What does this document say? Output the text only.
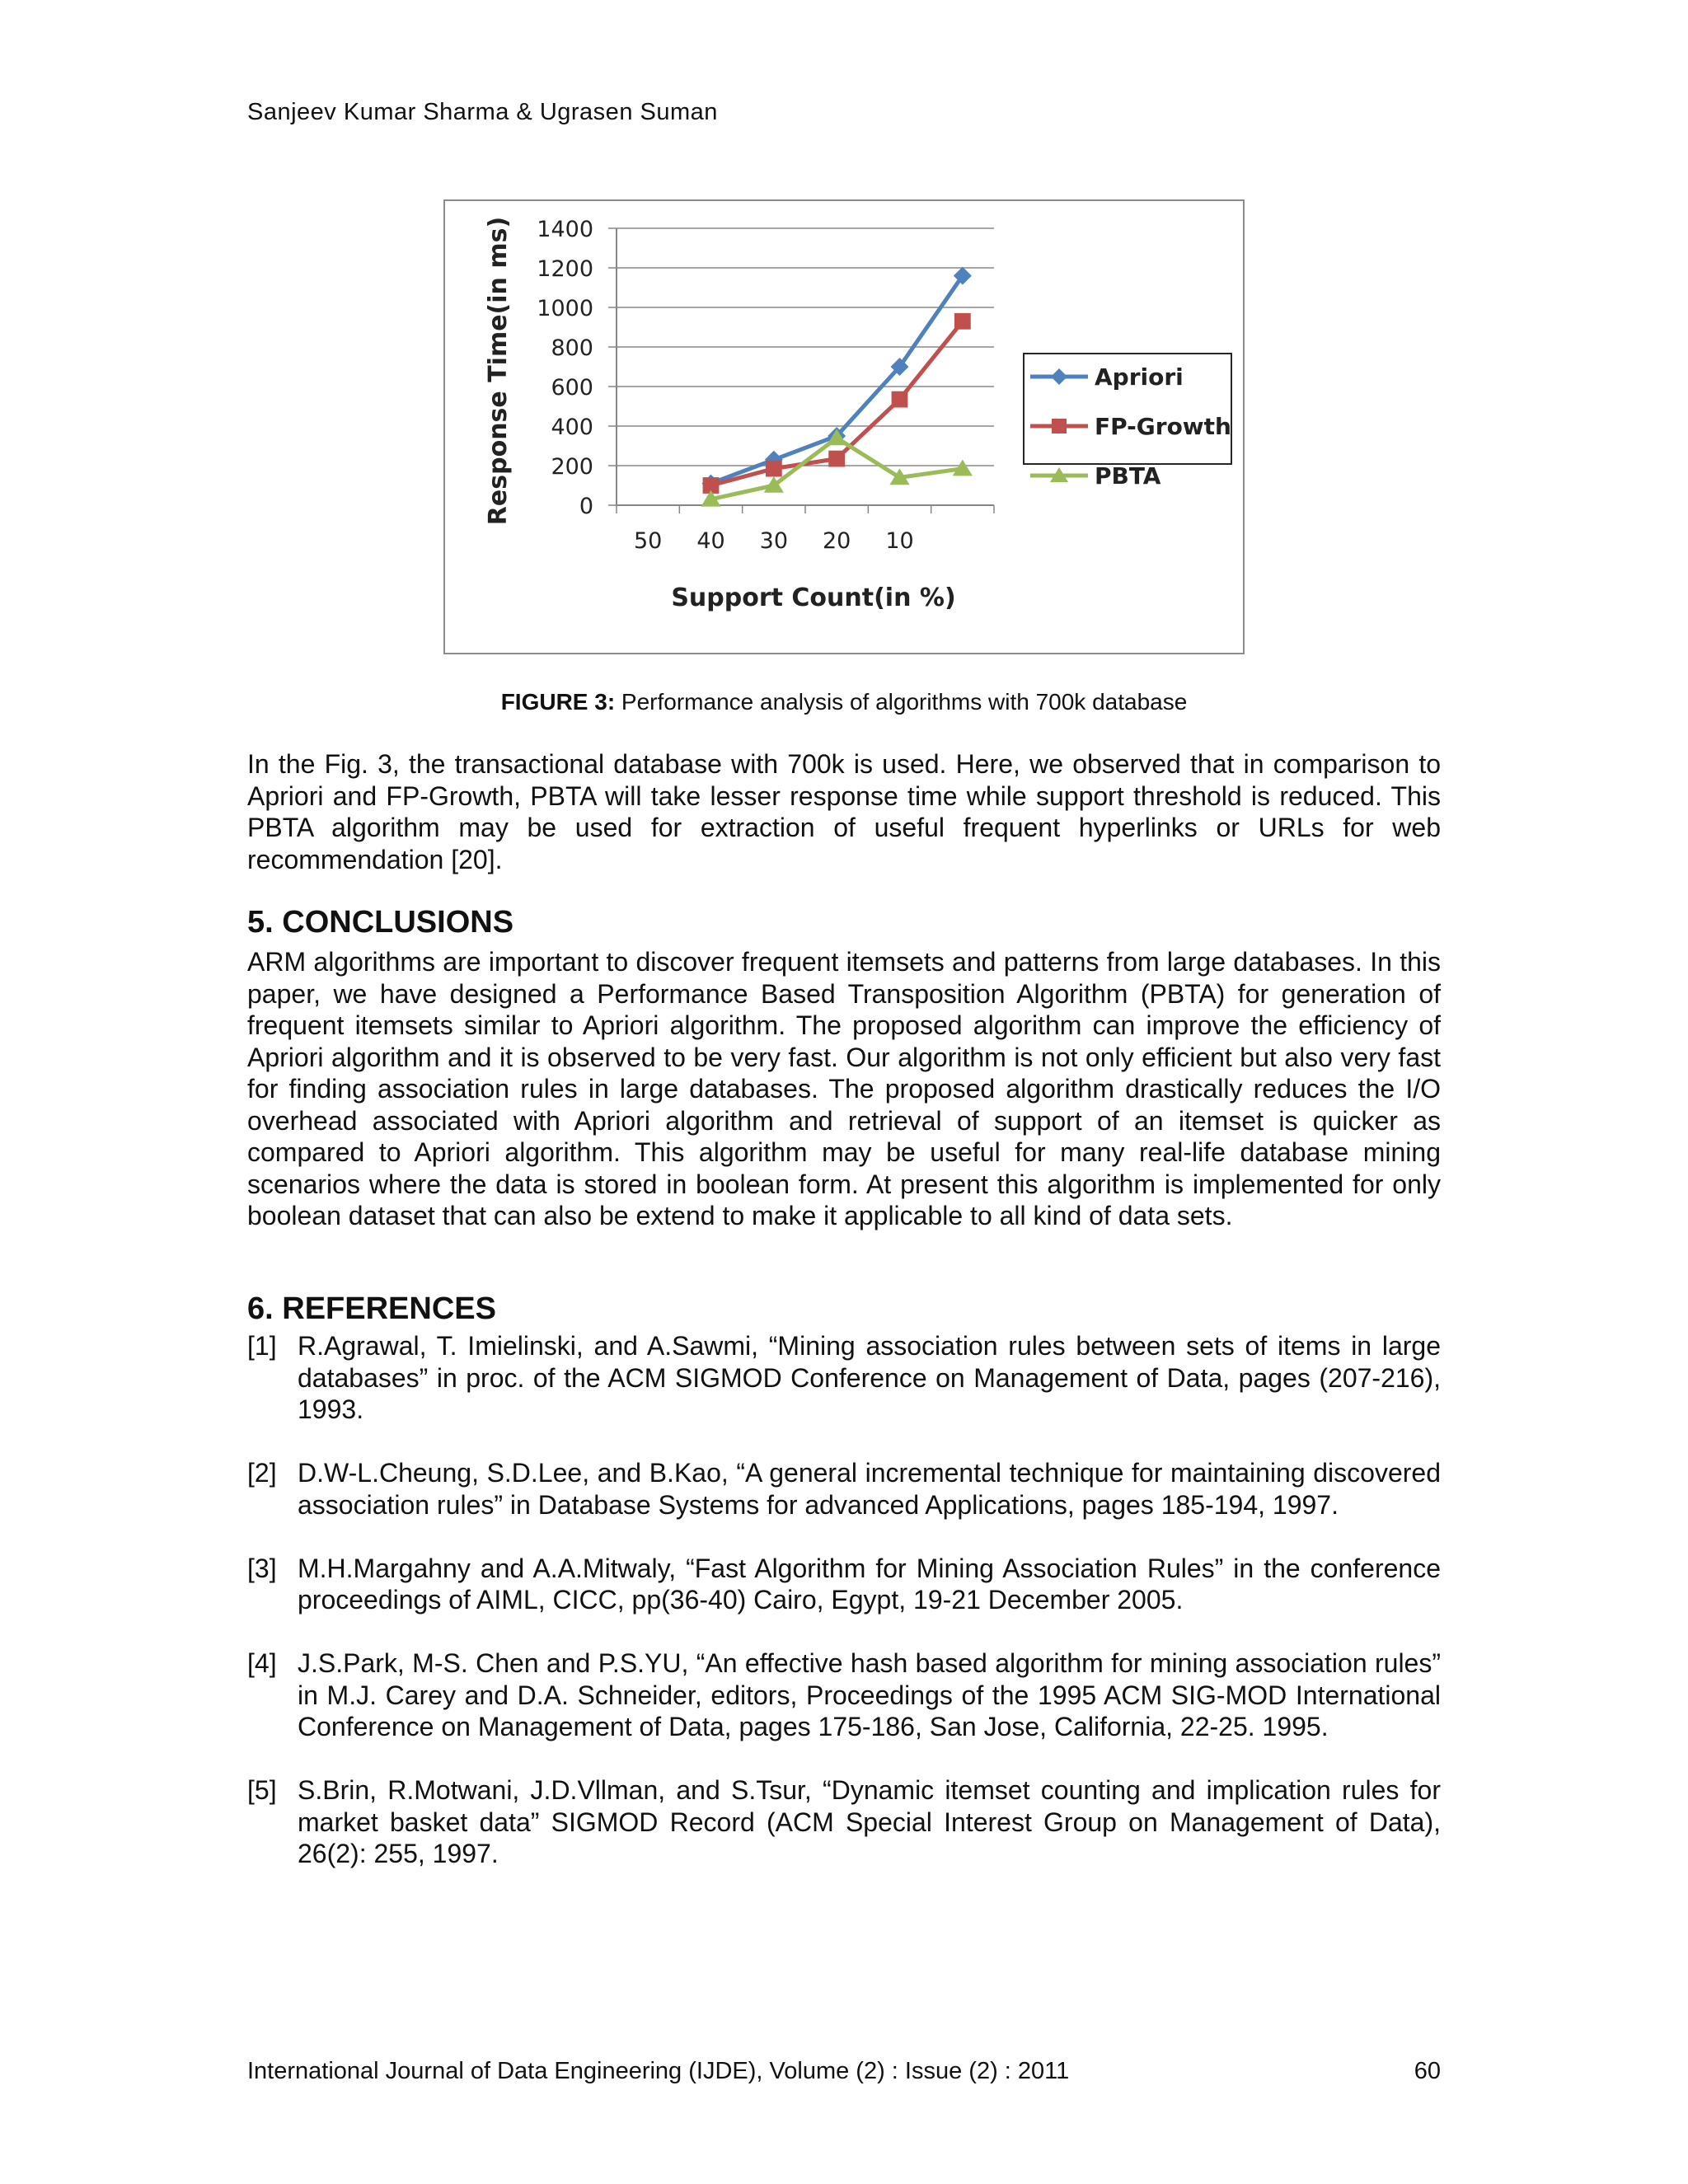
Sanjeev Kumar Sharma & Ugrasen Suman
0
200
400
600
800
1000
1200
1400
50 40 30 20 10
Support Count(in %)
Response Time(in ms)	Apriori
FP-Growth
PBTA
FIGURE 3: Performance analysis of algorithms with 700k database

In the Fig. 3, the transactional database with 700k is used. Here, we observed that in comparison to Apriori and FP-Growth, PBTA will take lesser response time while support threshold is reduced. This PBTA algorithm may be used for extraction of useful frequent hyperlinks or URLs for web recommendation [20].

5. CONCLUSIONS

ARM algorithms are important to discover frequent itemsets and patterns from large databases. In this paper, we have designed a Performance Based Transposition Algorithm (PBTA) for generation of frequent itemsets similar to Apriori algorithm. The proposed algorithm can improve the efficiency of Apriori algorithm and it is observed to be very fast. Our algorithm is not only efficient but also very fast for finding association rules in large databases. The proposed algorithm drastically reduces the I/O overhead associated with Apriori algorithm and retrieval of support of an itemset is quicker as compared to Apriori algorithm. This algorithm may be useful for many real-life database mining scenarios where the data is stored in boolean form. At present this algorithm is implemented for only boolean dataset that can also be extend to make it applicable to all kind of data sets.

6. REFERENCES
[1] R.Agrawal, T. Imielinski, and A.Sawmi, “Mining association rules between sets of items in large databases” in proc. of the ACM SIGMOD Conference on Management of Data, pages (207-216), 1993.
[2] D.W-L.Cheung, S.D.Lee, and B.Kao, “A general incremental technique for maintaining discovered association rules” in Database Systems for advanced Applications, pages 185-194, 1997.
[3] M.H.Margahny and A.A.Mitwaly, “Fast Algorithm for Mining Association Rules” in the conference proceedings of AIML, CICC, pp(36-40) Cairo, Egypt, 19-21 December 2005.
[4] J.S.Park, M-S. Chen and P.S.YU, “An effective hash based algorithm for mining association rules” in M.J. Carey and D.A. Schneider, editors, Proceedings of the 1995 ACM SIG-MOD International Conference on Management of Data, pages 175-186, San Jose, California, 22-25. 1995.
[5] S.Brin, R.Motwani, J.D.Vllman, and S.Tsur, “Dynamic itemset counting and implication rules for market basket data” SIGMOD Record (ACM Special Interest Group on Management of Data), 26(2): 255, 1997.
International Journal of Data Engineering (IJDE), Volume (2) : Issue (2) : 2011	60
